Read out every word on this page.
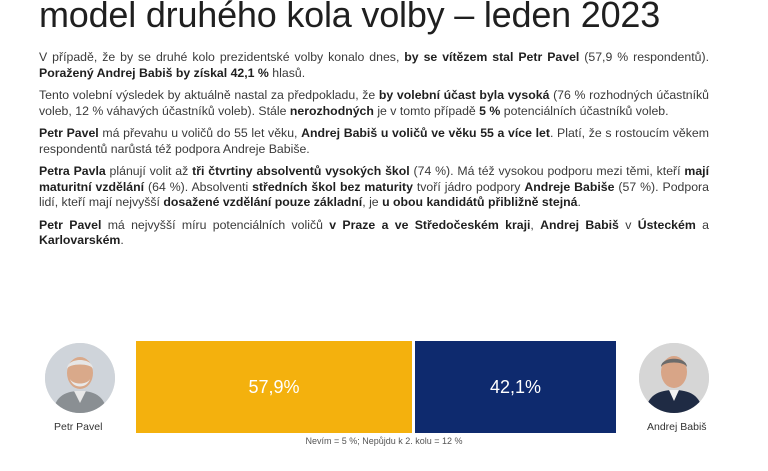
model druhého kola volby – leden 2023

V případě, že by se druhé kolo prezidentské volby konalo dnes, by se vítězem stal Petr Pavel (57,9 % respondentů). Poražený Andrej Babiš by získal 42,1 % hlasů.

Tento volební výsledek by aktuálně nastal za předpokladu, že by volební účast byla vysoká (76 % rozhodných účastníků voleb, 12 % váhavých účastníků voleb). Stále nerozhodných je v tomto případě 5 % potenciálních účastníků voleb.

Petr Pavel má převahu u voličů do 55 let věku, Andrej Babiš u voličů ve věku 55 a více let. Platí, že s rostoucím věkem respondentů narůstá též podpora Andreje Babiše.

Petra Pavla plánují volit až tři čtvrtiny absolventů vysokých škol (74 %). Má též vysokou podporu mezi těmi, kteří mají maturitní vzdělání (64 %). Absolventi středních škol bez maturity tvoří jádro podpory Andreje Babiše (57 %). Podpora lidí, kteří mají nejvyšší dosažené vzdělání pouze základní, je u obou kandidátů přibližně stejná.

Petr Pavel má nejvyšší míru potenciálních voličů v Praze a ve Středočeském kraji, Andrej Babiš v Ústeckém a Karlovarském.

Petr Pavel
57,9%	42,1%
Andrej Babiš
Nevím = 5 %; Nepůjdu k 2. kolu = 12 %
